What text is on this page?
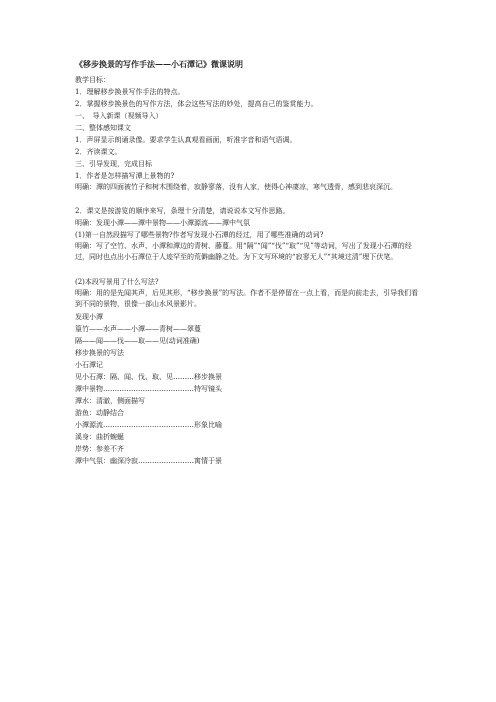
《移步换景的写作手法——小石潭记》微课说明
教学目标：
1．理解移步换景写作手法的特点。
2．掌握移步换景色的写作方法，体会这些写法的妙处，提高自己的鉴赏能力。
一、　导入新课（视频导入）
二、整体感知课文
1．声屏显示朗诵录像。要求学生认真观看画面，听准字音和语气语调。
2．齐读课文。
三、引导发现，完成目标
1．作者是怎样描写潭上景物的?
明确：潭的四面被竹子和树木围绕着，寂静寥落，没有人家，使得心神凄凉，寒气透骨，感到悲哀深沉。
2．课文是按游览的顺序来写，条理十分清楚，请说说本文写作思路。
明确：发现小潭——潭中景物——小潭源流——潭中气氛
(1)第一自然段描写了哪些景物?作者写发现小石潭的经过，用了哪些准确的动词?
明确：写了空竹、水声、小潭和潭边的青树、藤蔓。用“隔”“闻”“伐”“取”“见”等动词，写出了发现小石潭的经过，同时也点出小石潭位于人迹罕至的荒僻幽静之处。为下文写环境的“寂寥无人”“其境过清”埋下伏笔。
(2)本段写景用了什么写法?
明确：用的是先闻其声，后见其形，“移步换景”的写法。作者不是停留在一点上看，而是向前走去，引导我们看到不同的景物，很像一部山水风景影片。
发现小潭
篁竹——水声——小潭——青树——翠蔓
隔——闻——伐——取——见(动词准确)
移步换景的写法
小石潭记
见小石潭：隔、闻、伐、取、见………移步换景
潭中景物…………………………………特写镜头
潭水：清澈，侧面描写
游鱼：动静结合
小潭源流…………………………………形象比喻
溪身：曲折蜿蜒
岸势：参差不齐
潭中气氛：幽深冷寂……………………寓情于景
